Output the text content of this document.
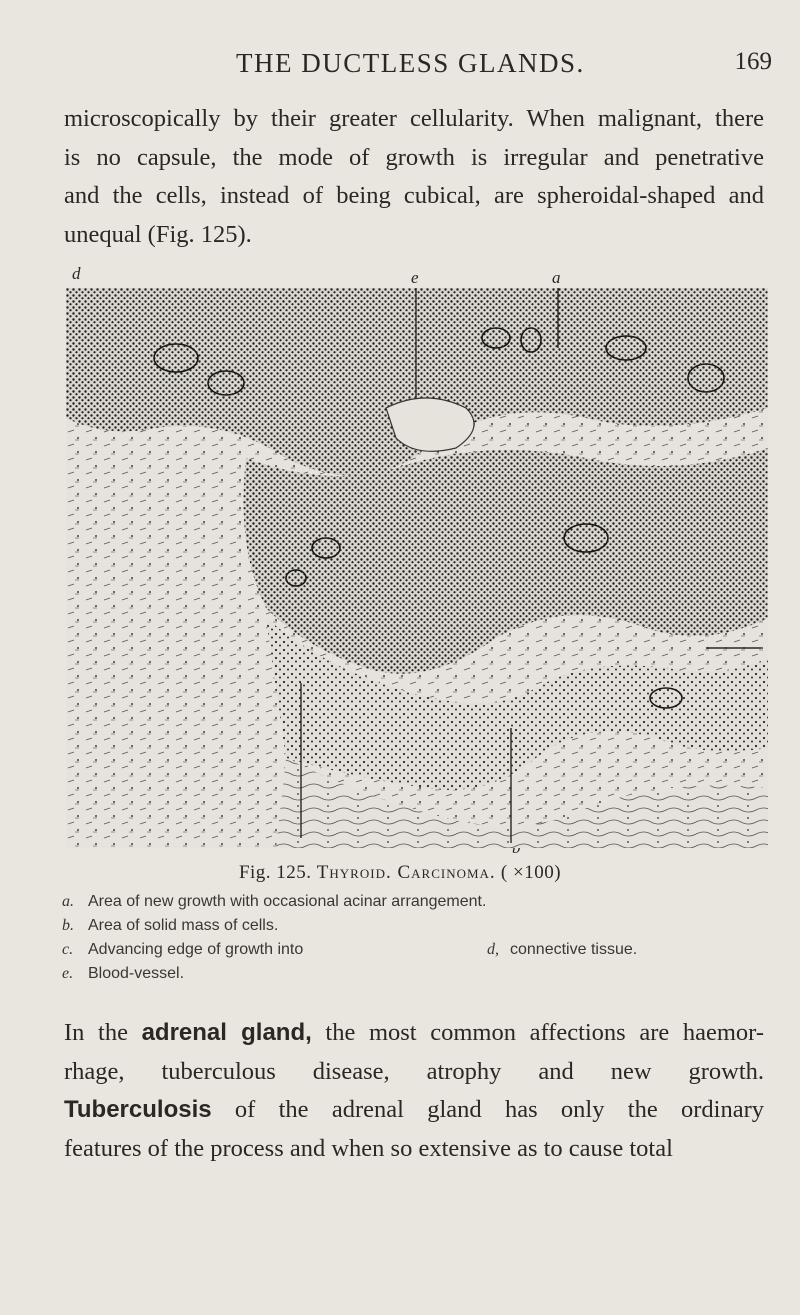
THE DUCTLESS GLANDS.	169

microscopically by their greater cellularity. When malignant, there
is no capsule, the mode of growth is irregular and penetrative
and the cells, instead of being cubical, are spheroidal-shaped and
unequal (Fig. 125).

d	e	a
Fig. 125. Thyroid. Carcinoma. ( ×100)
a. Area of new growth with occasional acinar arrangement.
b. Area of solid mass of cells.
c. Advancing edge of growth into	d, connective tissue.
e. Blood-vessel.

In the adrenal gland, the most common affections are haemor-
rhage, tuberculous disease, atrophy and new growth.
Tuberculosis of the adrenal gland has only the ordinary
features of the process and when so extensive as to cause total
